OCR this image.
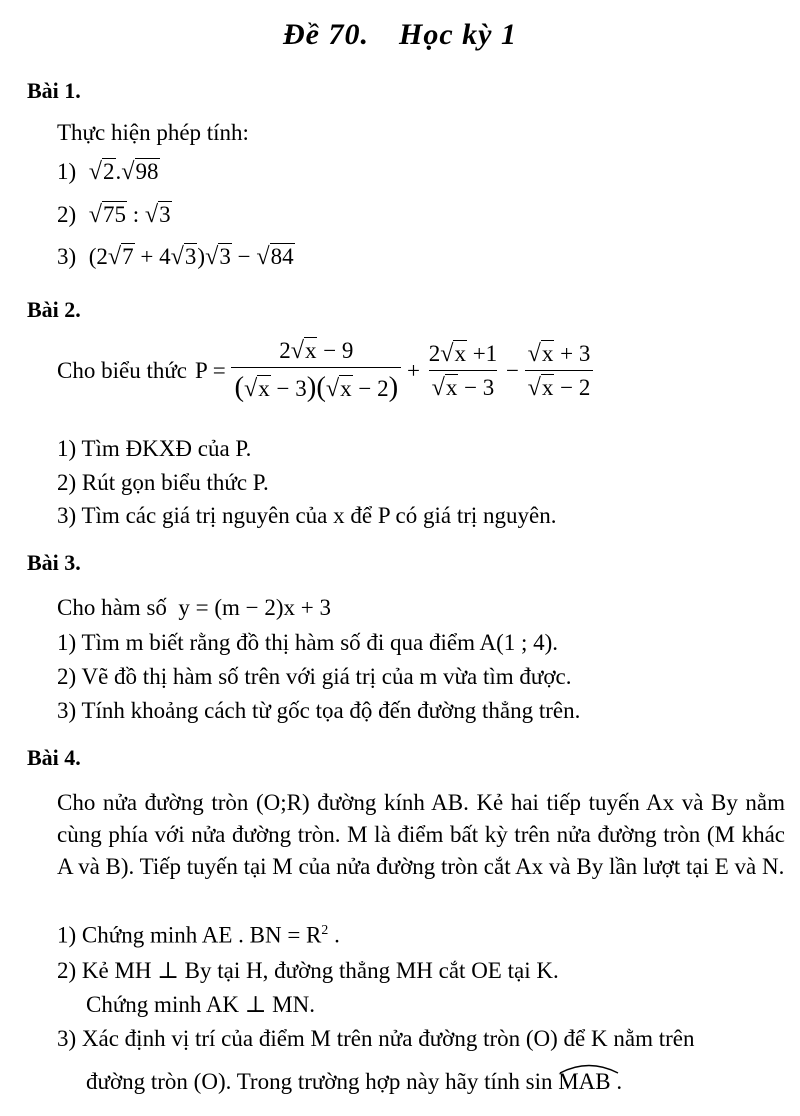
Đề 70. Học kỳ 1
Bài 1.
Thực hiện phép tính:
1) √2.√98
2) √75 : √3
3) (2√7 + 4√3)√3 − √84
Bài 2.
Cho biểu thức $P = \frac{2√x - 9}{(√x - 3)(√x - 2)} + \frac{2√x +1}{√x - 3} - \frac{√x + 3}{√x - 2}$
1) Tìm ĐKXĐ của P.
2) Rút gọn biểu thức P.
3) Tìm các giá trị nguyên của x để P có giá trị nguyên.
Bài 3.
Cho hàm số y = (m − 2)x + 3
1) Tìm m biết rằng đồ thị hàm số đi qua điểm A(1 ; 4).
2) Vẽ đồ thị hàm số trên với giá trị của m vừa tìm được.
3) Tính khoảng cách từ gốc tọa độ đến đường thẳng trên.
Bài 4.
Cho nửa đường tròn (O;R) đường kính AB. Kẻ hai tiếp tuyến Ax và By nằm cùng phía với nửa đường tròn. M là điểm bất kỳ trên nửa đường tròn (M khác A và B). Tiếp tuyến tại M của nửa đường tròn cắt Ax và By lần lượt tại E và N.
1) Chứng minh AE . BN = $R^2$ .
2) Kẻ MH ⊥ By tại H, đường thẳng MH cắt OE tại K.
Chứng minh AK ⊥ MN.
3) Xác định vị trí của điểm M trên nửa đường tròn (O) để K nằm trên
đường tròn (O). Trong trường hợp này hãy tính sin MAB .
